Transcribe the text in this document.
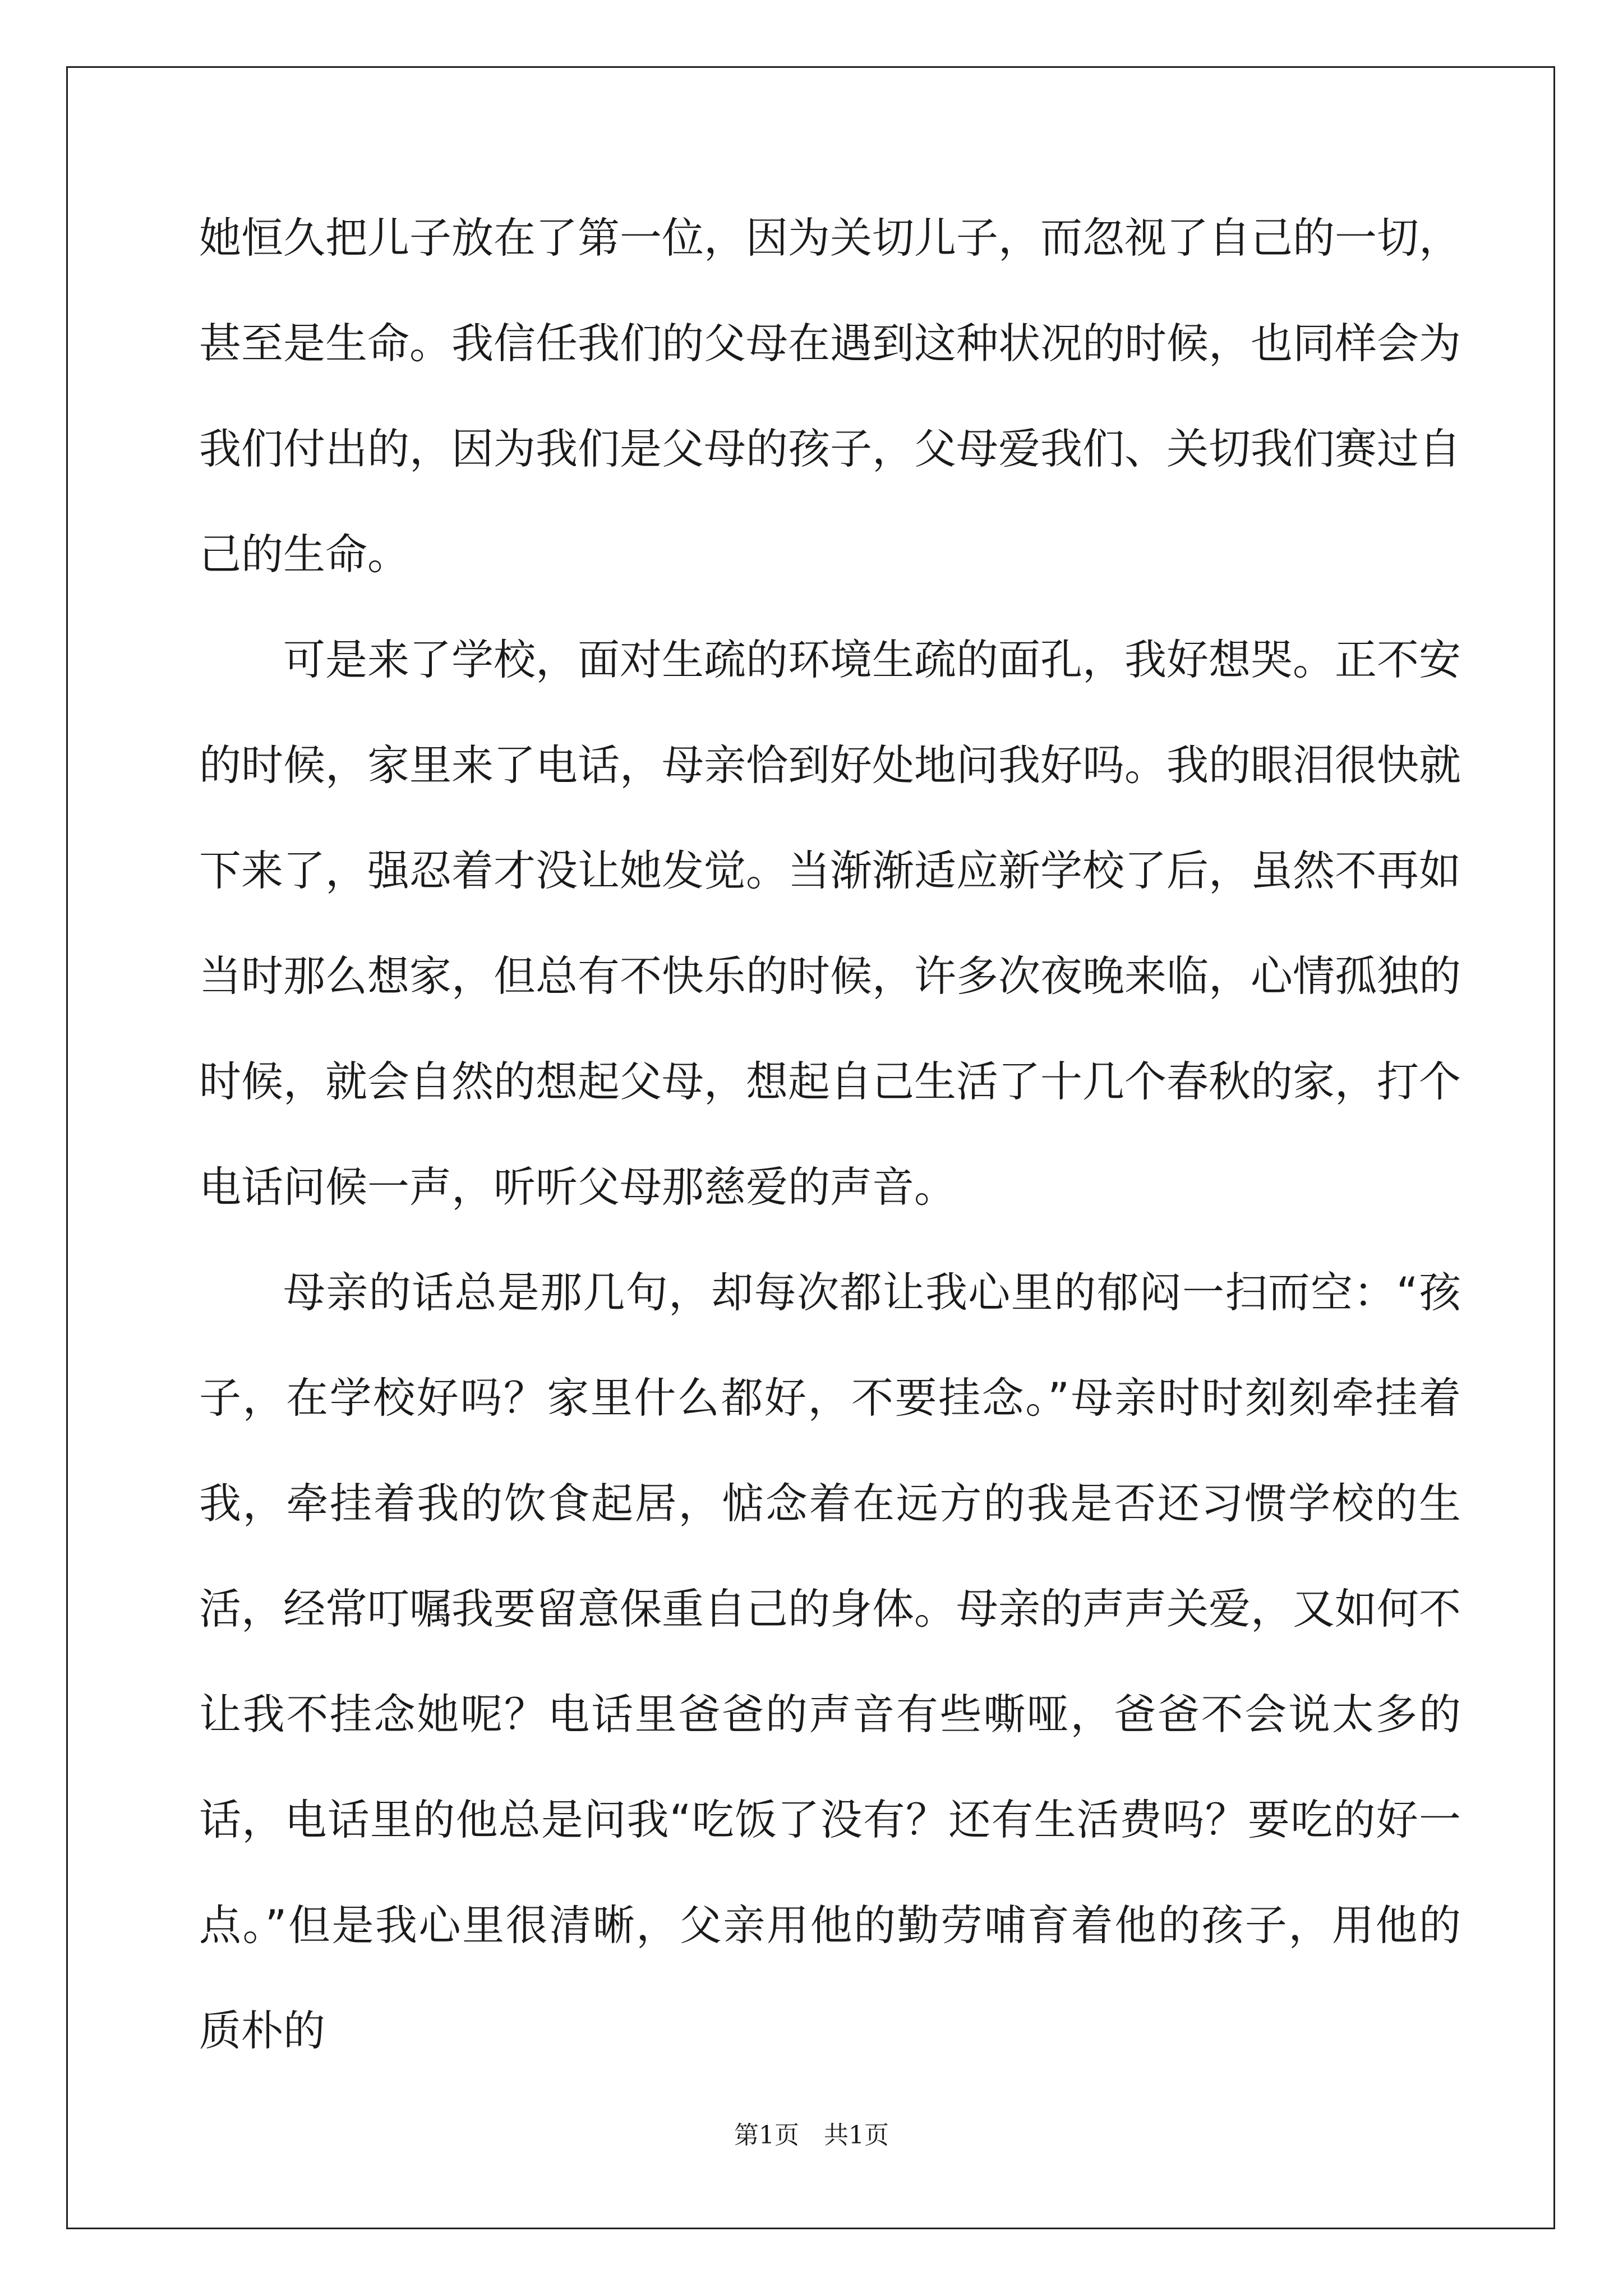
她恒久把儿子放在了第一位，因为关切儿子，而忽视了自己的一切，甚至是生命。我信任我们的父母在遇到这种状况的时候，也同样会为我们付出的，因为我们是父母的孩子，父母爱我们、关切我们赛过自己的生命。

可是来了学校，面对生疏的环境生疏的面孔，我好想哭。正不安的时候，家里来了电话，母亲恰到好处地问我好吗。我的眼泪很快就下来了，强忍着才没让她发觉。当渐渐适应新学校了后，虽然不再如当时那么想家，但总有不快乐的时候，许多次夜晚来临，心情孤独的时候，就会自然的想起父母，想起自己生活了十几个春秋的家，打个电话问候一声，听听父母那慈爱的声音。

母亲的话总是那几句，却每次都让我心里的郁闷一扫而空：“孩子，在学校好吗？家里什么都好，不要挂念。”母亲时时刻刻牵挂着我，牵挂着我的饮食起居，惦念着在远方的我是否还习惯学校的生活，经常叮嘱我要留意保重自己的身体。母亲的声声关爱，又如何不让我不挂念她呢？电话里爸爸的声音有些嘶哑，爸爸不会说太多的话，电话里的他总是问我“吃饭了没有？还有生活费吗？要吃的好一点。”但是我心里很清晰，父亲用他的勤劳哺育着他的孩子，用他的质朴的

第1页　共1页
